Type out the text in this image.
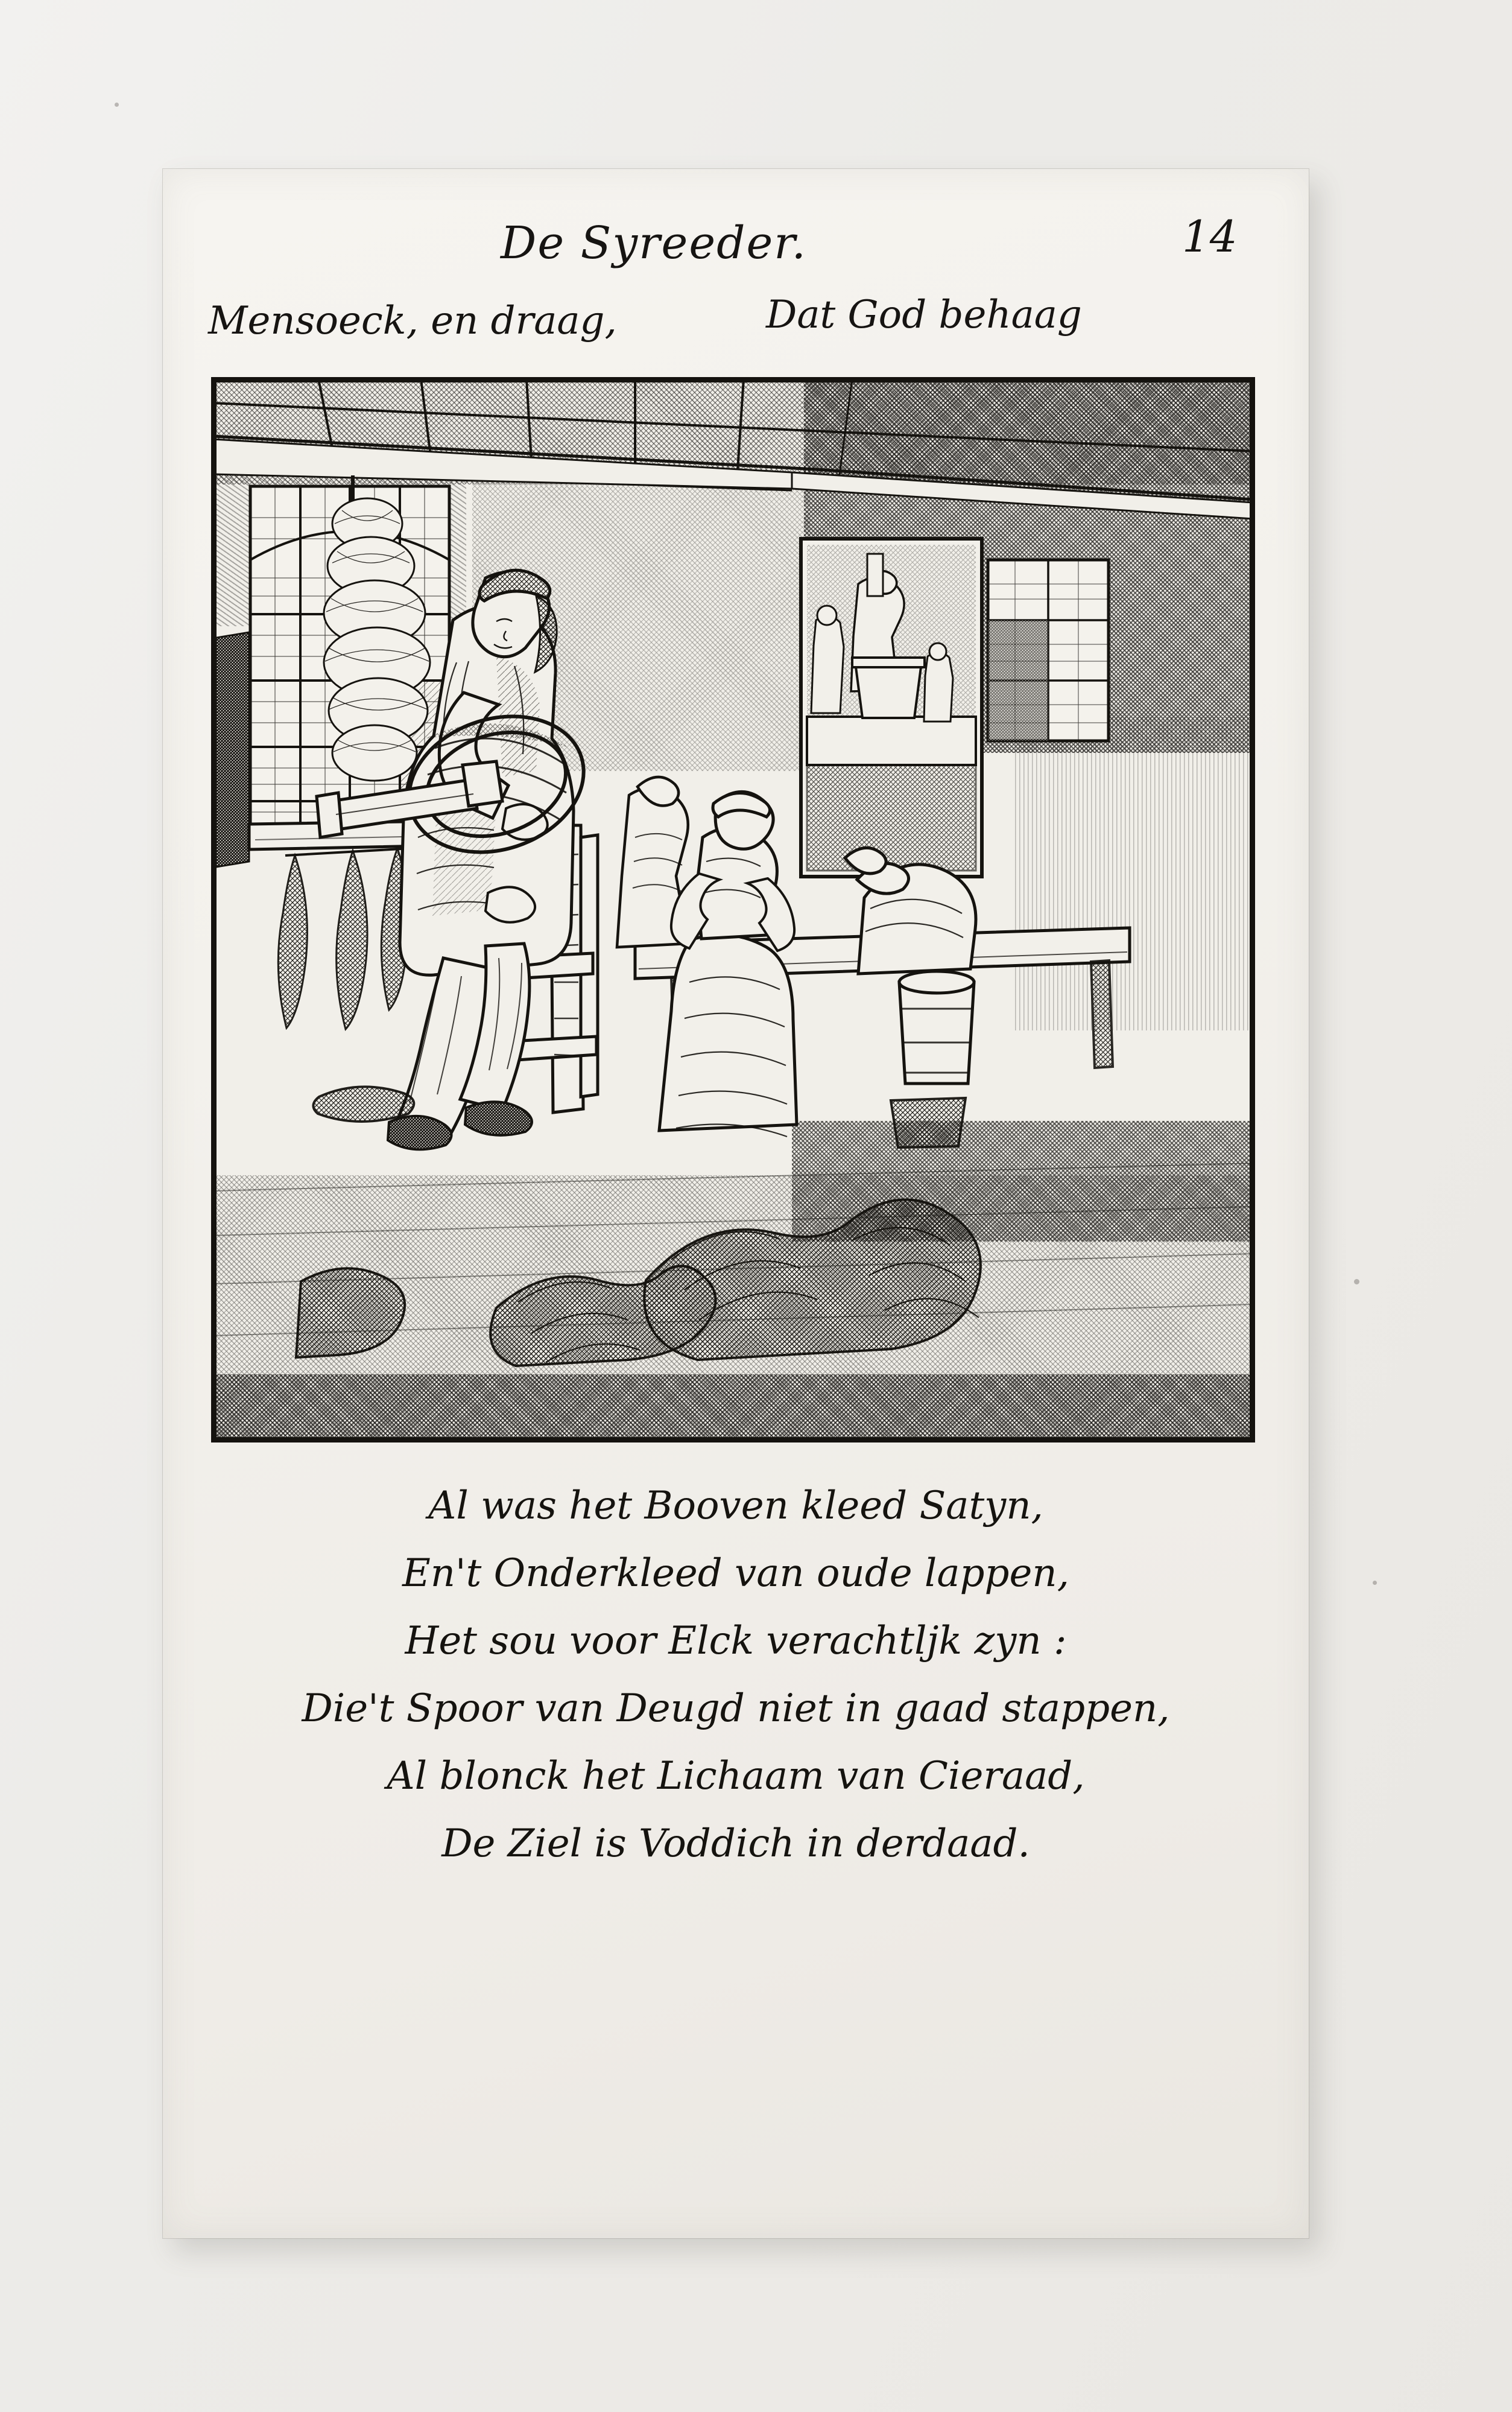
De Syreeder.	14
Mensoeck, en draag,	Dat God behaag
Al was het Booven kleed Satyn,
En't Onderkleed van oude lappen,
Het sou voor Elck verachtljk zyn :
Die't Spoor van Deugd niet in gaad stappen,
Al blonck het Lichaam van Cieraad,
De Ziel is Voddich in derdaad.
